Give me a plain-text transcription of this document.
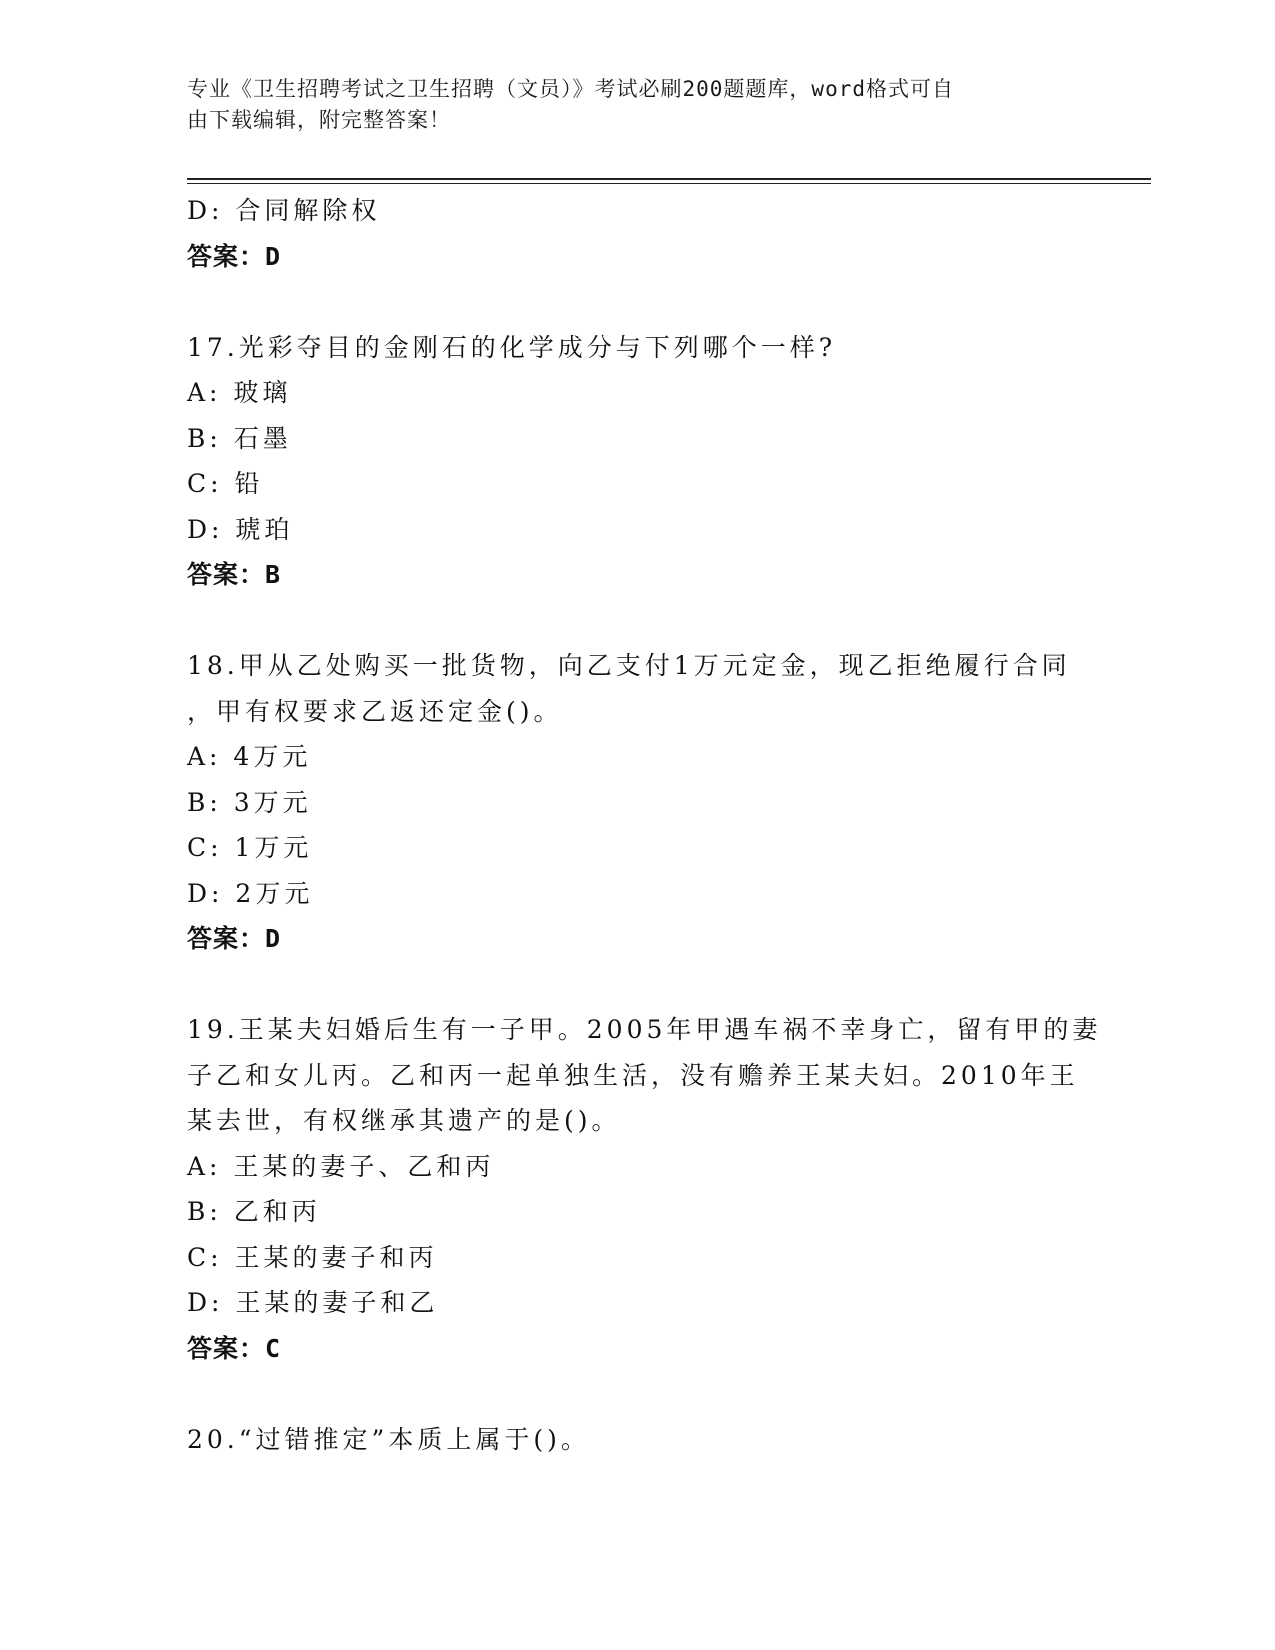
专业《卫生招聘考试之卫生招聘（文员）》考试必刷200题题库，word格式可自
由下载编辑，附完整答案！
D: 合同解除权
答案：D
17.光彩夺目的金刚石的化学成分与下列哪个一样?
A: 玻璃
B: 石墨
C: 铅
D: 琥珀
答案：B
18.甲从乙处购买一批货物，向乙支付1万元定金，现乙拒绝履行合同
，甲有权要求乙返还定金()。
A: 4万元
B: 3万元
C: 1万元
D: 2万元
答案：D
19.王某夫妇婚后生有一子甲。2005年甲遇车祸不幸身亡，留有甲的妻
子乙和女儿丙。乙和丙一起单独生活，没有赡养王某夫妇。2010年王
某去世，有权继承其遗产的是()。
A: 王某的妻子、乙和丙
B: 乙和丙
C: 王某的妻子和丙
D: 王某的妻子和乙
答案：C
20.“过错推定”本质上属于()。
